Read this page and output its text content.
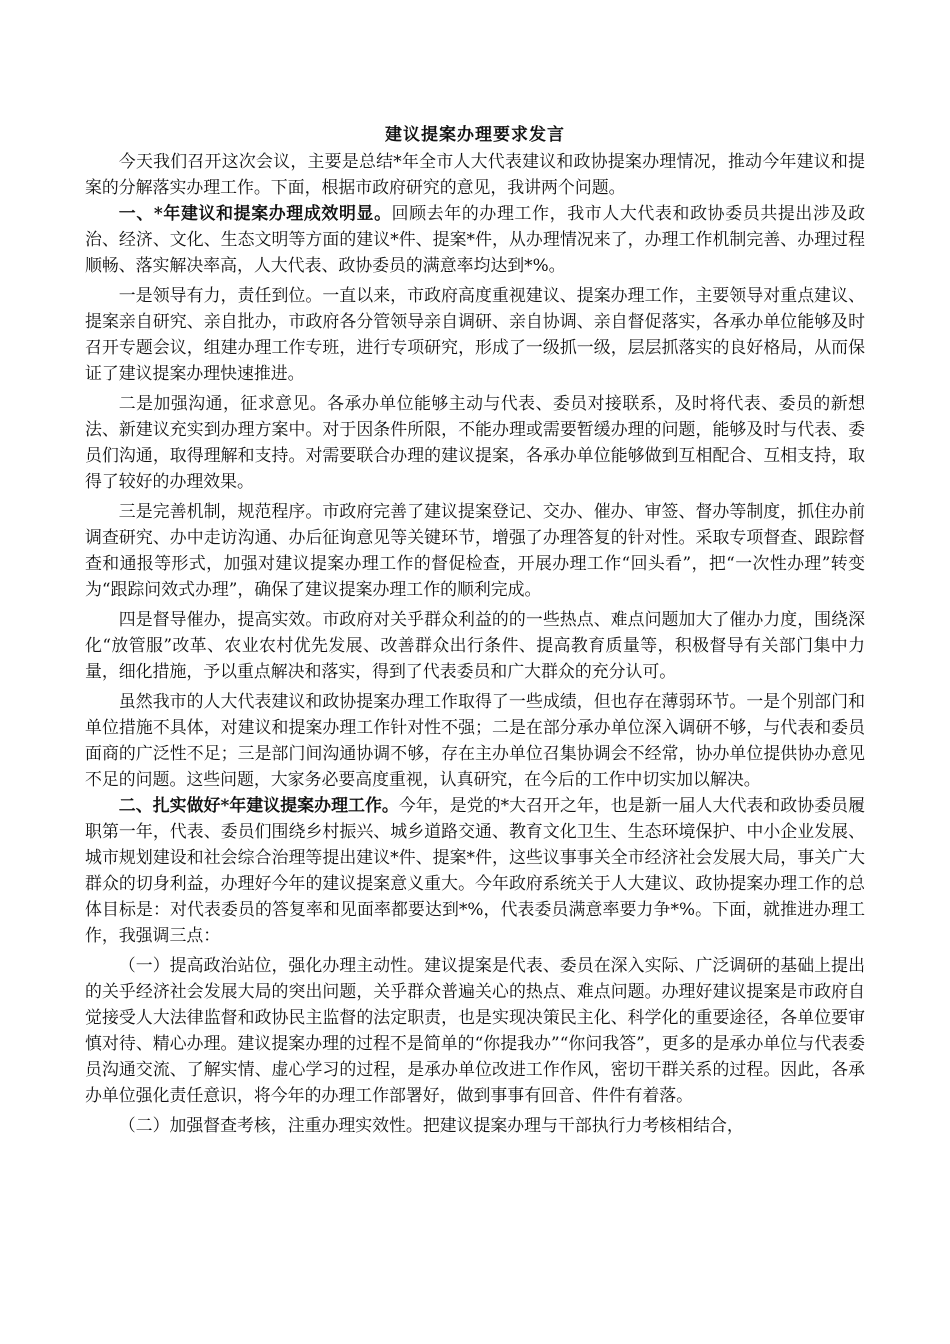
建议提案办理要求发言

今天我们召开这次会议，主要是总结*年全市人大代表建议和政协提案办理情况，推动今年建议和提案的分解落实办理工作。下面，根据市政府研究的意见，我讲两个问题。

一、*年建议和提案办理成效明显。回顾去年的办理工作，我市人大代表和政协委员共提出涉及政治、经济、文化、生态文明等方面的建议*件、提案*件，从办理情况来了，办理工作机制完善、办理过程顺畅、落实解决率高，人大代表、政协委员的满意率均达到*%。

一是领导有力，责任到位。一直以来，市政府高度重视建议、提案办理工作，主要领导对重点建议、提案亲自研究、亲自批办，市政府各分管领导亲自调研、亲自协调、亲自督促落实，各承办单位能够及时召开专题会议，组建办理工作专班，进行专项研究，形成了一级抓一级，层层抓落实的良好格局，从而保证了建议提案办理快速推进。

二是加强沟通，征求意见。各承办单位能够主动与代表、委员对接联系，及时将代表、委员的新想法、新建议充实到办理方案中。对于因条件所限，不能办理或需要暂缓办理的问题，能够及时与代表、委员们沟通，取得理解和支持。对需要联合办理的建议提案，各承办单位能够做到互相配合、互相支持，取得了较好的办理效果。

三是完善机制，规范程序。市政府完善了建议提案登记、交办、催办、审签、督办等制度，抓住办前调查研究、办中走访沟通、办后征询意见等关键环节，增强了办理答复的针对性。采取专项督查、跟踪督查和通报等形式，加强对建议提案办理工作的督促检查，开展办理工作“回头看”，把“一次性办理”转变为“跟踪问效式办理”，确保了建议提案办理工作的顺利完成。

四是督导催办，提高实效。市政府对关乎群众利益的的一些热点、难点问题加大了催办力度，围绕深化“放管服”改革、农业农村优先发展、改善群众出行条件、提高教育质量等，积极督导有关部门集中力量，细化措施，予以重点解决和落实，得到了代表委员和广大群众的充分认可。

虽然我市的人大代表建议和政协提案办理工作取得了一些成绩，但也存在薄弱环节。一是个别部门和单位措施不具体，对建议和提案办理工作针对性不强；二是在部分承办单位深入调研不够，与代表和委员面商的广泛性不足；三是部门间沟通协调不够，存在主办单位召集协调会不经常，协办单位提供协办意见不足的问题。这些问题，大家务必要高度重视，认真研究，在今后的工作中切实加以解决。

二、扎实做好*年建议提案办理工作。今年，是党的*大召开之年，也是新一届人大代表和政协委员履职第一年，代表、委员们围绕乡村振兴、城乡道路交通、教育文化卫生、生态环境保护、中小企业发展、城市规划建设和社会综合治理等提出建议*件、提案*件，这些议事事关全市经济社会发展大局，事关广大群众的切身利益，办理好今年的建议提案意义重大。今年政府系统关于人大建议、政协提案办理工作的总体目标是：对代表委员的答复率和见面率都要达到*%，代表委员满意率要力争*%。下面，就推进办理工作，我强调三点：

（一）提高政治站位，强化办理主动性。建议提案是代表、委员在深入实际、广泛调研的基础上提出的关乎经济社会发展大局的突出问题，关乎群众普遍关心的热点、难点问题。办理好建议提案是市政府自觉接受人大法律监督和政协民主监督的法定职责，也是实现决策民主化、科学化的重要途径，各单位要审慎对待、精心办理。建议提案办理的过程不是简单的“你提我办”“你问我答”，更多的是承办单位与代表委员沟通交流、了解实情、虚心学习的过程，是承办单位改进工作作风，密切干群关系的过程。因此，各承办单位强化责任意识，将今年的办理工作部署好，做到事事有回音、件件有着落。

（二）加强督查考核，注重办理实效性。把建议提案办理与干部执行力考核相结合，
